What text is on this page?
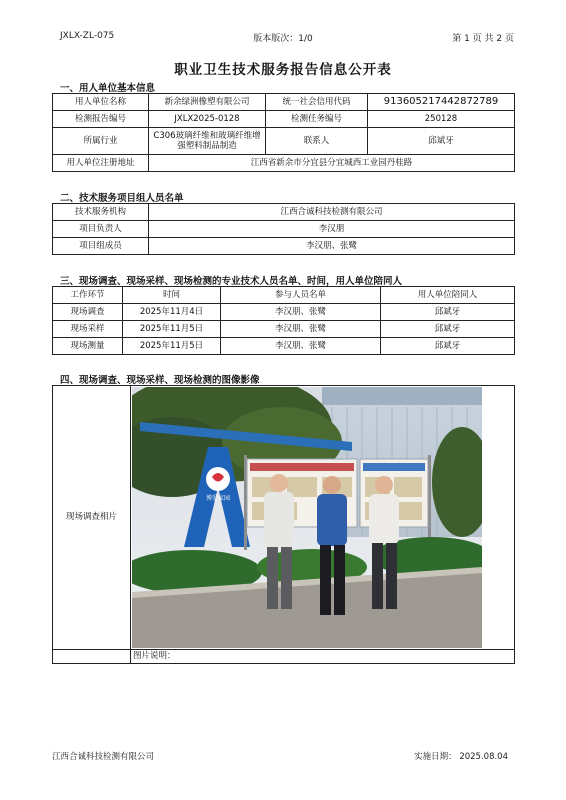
JXLX-ZL-075	版本版次：1/0	第 1 页 共 2 页
职业卫生技术服务报告信息公开表
一、用人单位基本信息
用人单位名称	新余绿洲橡塑有限公司	统一社会信用代码	913605217442872789
检测报告编号	JXLX2025-0128	检测任务编号	250128
所属行业	C306玻璃纤维和玻璃纤维增强塑料制品制造	联系人	邱斌牙
用人单位注册地址	江西省新余市分宜县分宜城西工业园丹桂路		
二、技术服务项目组人员名单
技术服务机构	江西合诚科技检测有限公司
项目负责人	李汉朋
项目组成员	李汉朋、张鹭
三、现场调查、现场采样、现场检测的专业技术人员名单、时间，用人单位陪同人
工作环节	时间	参与人员名单	用人单位陪同人
现场调查	2025年11月4日	李汉朋、张鹭	邱斌牙
现场采样	2025年11月5日	李汉朋、张鹭	邱斌牙
现场测量	2025年11月5日	李汉朋、张鹭	邱斌牙
四、现场调查、现场采样、现场检测的图像影像
现场调查相片	
	图片说明：
博爱家园
江西合诚科技检测有限公司	实施日期： 2025.08.04
